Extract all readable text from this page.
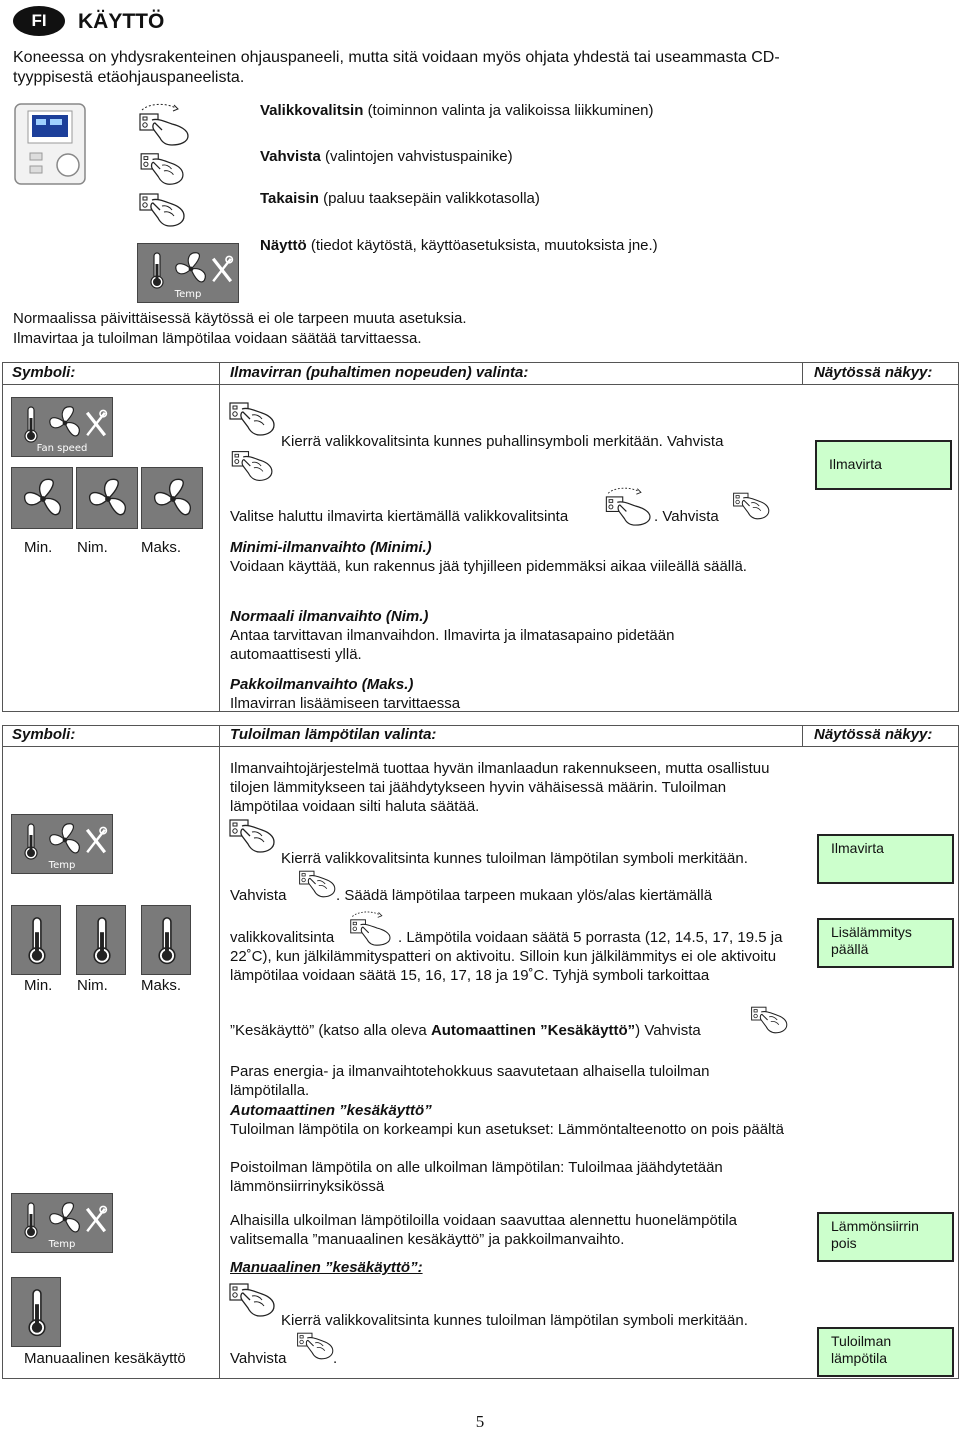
FI	KÄYTTÖ
Koneessa on yhdysrakenteinen ohjauspaneeli, mutta sitä voidaan myös ohjata yhdestä tai useammasta CD-
tyyppisestä etäohjauspaneelista.
Temp
Valikkovalitsin (toiminnon valinta ja valikoissa liikkuminen)
Vahvista (valintojen vahvistuspainike)
Takaisin (paluu taaksepäin valikkotasolla)
Näyttö (tiedot käytöstä, käyttöasetuksista, muutoksista jne.)
Normaalissa päivittäisessä käytössä ei ole tarpeen muuta asetuksia.
Ilmavirtaa ja tuloilman lämpötilaa voidaan säätää tarvittaessa.
Symboli:	Ilmavirran (puhaltimen nopeuden) valinta:	Näytössä näkyy:
Fan speed
Min. Nim. Maks.
Kierrä valikkovalitsinta kunnes puhallinsymboli merkitään. Vahvista
Ilmavirta
Valitse haluttu ilmavirta kiertämällä valikkovalitsinta	. Vahvista
Minimi-ilmanvaihto (Minimi.)
Voidaan käyttää, kun rakennus jää tyhjilleen pidemmäksi aikaa viileällä säällä.
Normaali ilmanvaihto (Nim.)
Antaa tarvittavan ilmanvaihdon. Ilmavirta ja ilmatasapaino pidetään automaattisesti yllä.
Pakkoilmanvaihto (Maks.)
Ilmavirran lisäämiseen tarvittaessa
Symboli:	Tuloilman lämpötilan valinta:	Näytössä näkyy:
Ilmanvaihtojärjestelmä tuottaa hyvän ilmanlaadun rakennukseen, mutta osallistuu tilojen lämmitykseen tai jäähdytykseen hyvin vähäisessä määrin. Tuloilman lämpötilaa voidaan silti haluta säätää.
Temp	Kierrä valikkovalitsinta kunnes tuloilman lämpötilan symboli merkitään.
Ilmavirta
Vahvista	. Säädä lämpötilaa tarpeen mukaan ylös/alas kiertämällä
Min. Nim. Maks.
valikkovalitsinta	. Lämpötila voidaan säätä 5 porrasta (12, 14.5, 17, 19.5 ja 22˚C), kun jälkilämmityspatteri on aktivoitu. Silloin kun jälkilämmitys ei ole aktivoitu lämpötilaa voidaan säätä 15, 16, 17, 18 ja 19˚C. Tyhjä symboli tarkoittaa
Lisälämmitys päällä
”Kesäkäyttö” (katso alla oleva Automaattinen ”Kesäkäyttö”) Vahvista
Paras energia- ja ilmanvaihtotehokkuus saavutetaan alhaisella tuloilman lämpötilalla.
Automaattinen ”kesäkäyttö”
Tuloilman lämpötila on korkeampi kun asetukset: Lämmöntalteenotto on pois päältä
Poistoilman lämpötila on alle ulkoilman lämpötilan: Tuloilmaa jäähdytetään lämmönsiirrinyksikössä
Temp
Alhaisilla ulkoilman lämpötiloilla voidaan saavuttaa alennettu huonelämpötila valitsemalla ”manuaalinen kesäkäyttö” ja pakkoilmanvaihto.
Lämmönsiirrin pois
Manuaalinen ”kesäkäyttö”:
Manuaalinen kesäkäyttö
Kierrä valikkovalitsinta kunnes tuloilman lämpötilan symboli merkitään.
Vahvista	.
Tuloilman lämpötila
5
